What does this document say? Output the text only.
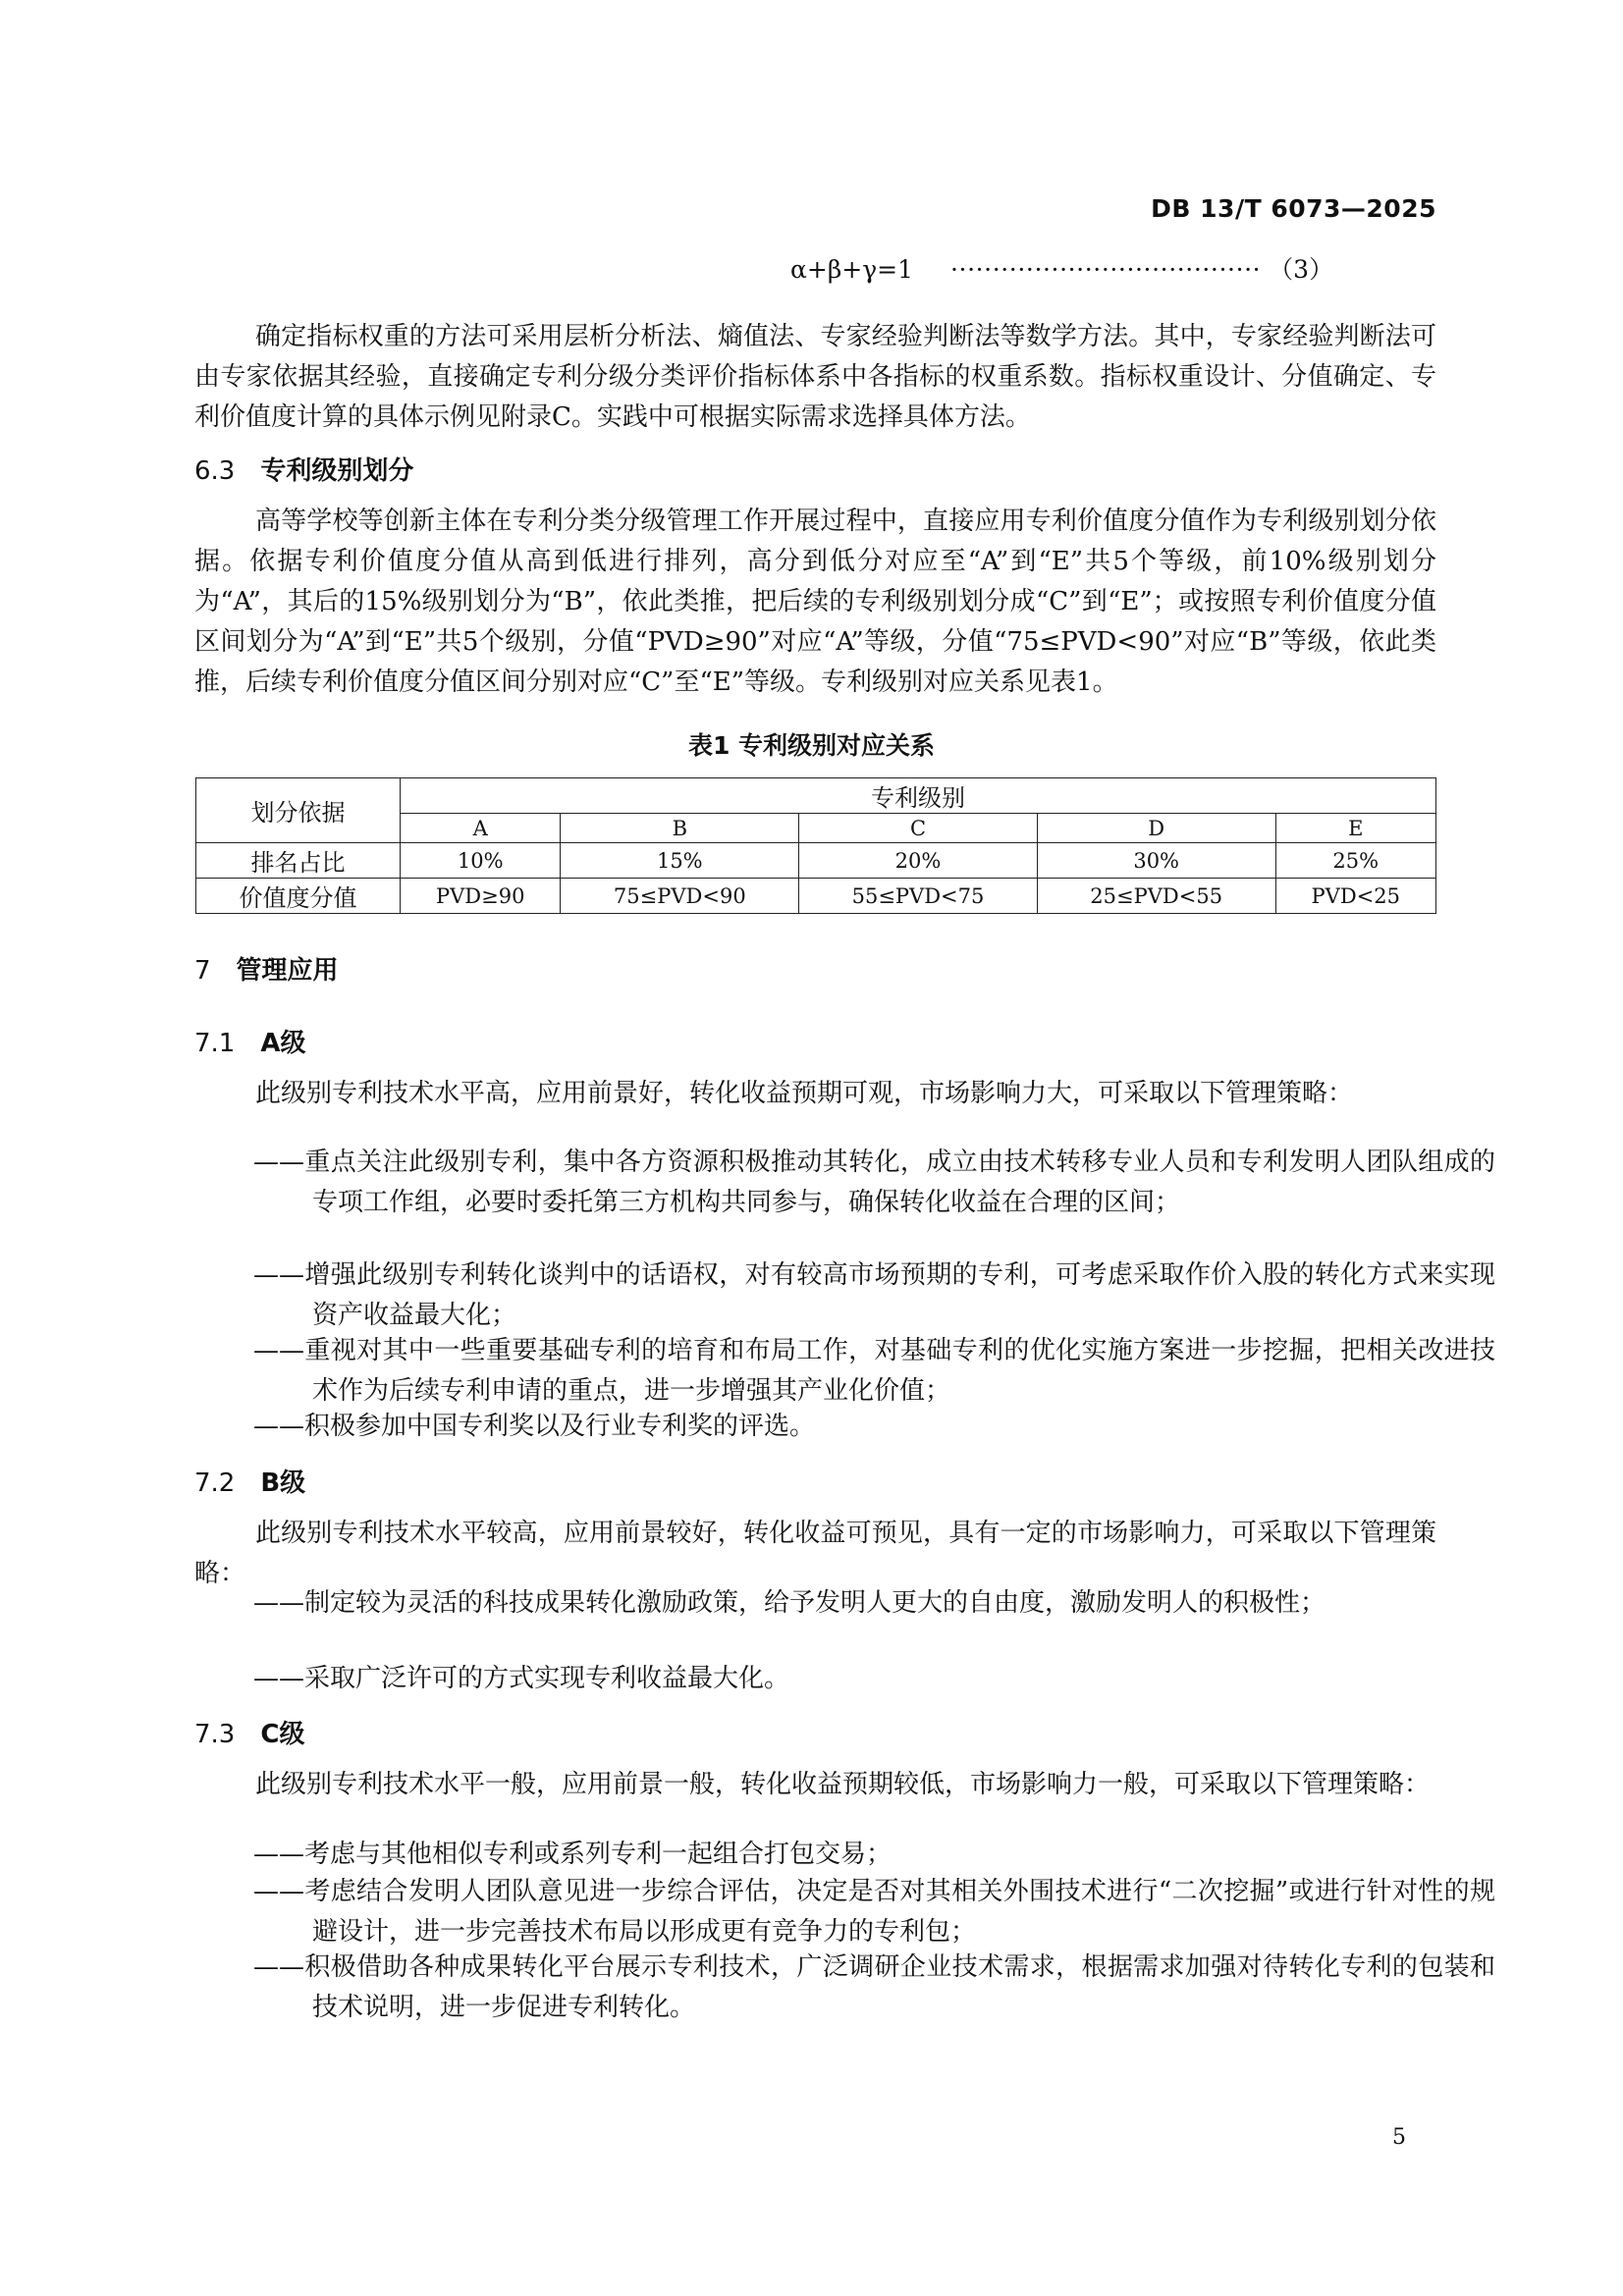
DB 13/T 6073—2025
α+β+γ=1 ····································· （3）
确定指标权重的方法可采用层析分析法、熵值法、专家经验判断法等数学方法。其中，专家经验判断法可由专家依据其经验，直接确定专利分级分类评价指标体系中各指标的权重系数。指标权重设计、分值确定、专利价值度计算的具体示例见附录C。实践中可根据实际需求选择具体方法。
6.3 专利级别划分
高等学校等创新主体在专利分类分级管理工作开展过程中，直接应用专利价值度分值作为专利级别划分依据。依据专利价值度分值从高到低进行排列，高分到低分对应至“A”到“E”共5个等级，前10%级别划分为“A”，其后的15%级别划分为“B”，依此类推，把后续的专利级别划分成“C”到“E”；或按照专利价值度分值区间划分为“A”到“E”共5个级别，分值“PVD≥90”对应“A”等级，分值“75≤PVD<90”对应“B”等级，依此类推，后续专利价值度分值区间分别对应“C”至“E”等级。专利级别对应关系见表1。
表1 专利级别对应关系
划分依据	专利级别				
	A	B	C	D	E
排名占比	10%	15%	20%	30%	25%
价值度分值	PVD≥90	75≤PVD<90	55≤PVD<75	25≤PVD<55	PVD<25
7 管理应用
7.1 A级
此级别专利技术水平高，应用前景好，转化收益预期可观，市场影响力大，可采取以下管理策略：
——重点关注此级别专利，集中各方资源积极推动其转化，成立由技术转移专业人员和专利发明人团队组成的专项工作组，必要时委托第三方机构共同参与，确保转化收益在合理的区间；
——增强此级别专利转化谈判中的话语权，对有较高市场预期的专利，可考虑采取作价入股的转化方式来实现资产收益最大化；
——重视对其中一些重要基础专利的培育和布局工作，对基础专利的优化实施方案进一步挖掘，把相关改进技术作为后续专利申请的重点，进一步增强其产业化价值；
——积极参加中国专利奖以及行业专利奖的评选。
7.2 B级
此级别专利技术水平较高，应用前景较好，转化收益可预见，具有一定的市场影响力，可采取以下管理策略：
——制定较为灵活的科技成果转化激励政策，给予发明人更大的自由度，激励发明人的积极性；
——采取广泛许可的方式实现专利收益最大化。
7.3 C级
此级别专利技术水平一般，应用前景一般，转化收益预期较低，市场影响力一般，可采取以下管理策略：
——考虑与其他相似专利或系列专利一起组合打包交易；
——考虑结合发明人团队意见进一步综合评估，决定是否对其相关外围技术进行“二次挖掘”或进行针对性的规避设计，进一步完善技术布局以形成更有竞争力的专利包；
——积极借助各种成果转化平台展示专利技术，广泛调研企业技术需求，根据需求加强对待转化专利的包装和技术说明，进一步促进专利转化。
5
